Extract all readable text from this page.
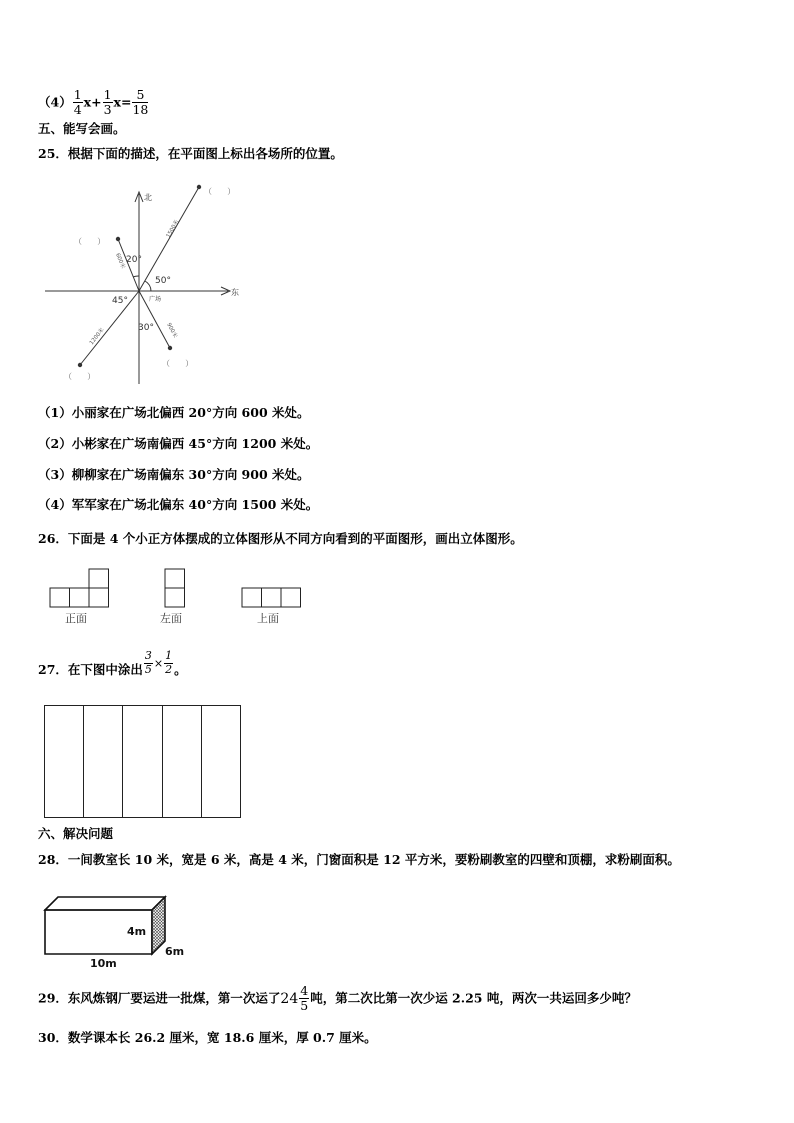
$(4) \frac{1}{4} x+ \frac{1}{3} x= \frac{5}{18}$
五、能写会画。
25．根据下面的描述，在平面图上标出各场所的位置。
北
东
广场
20°
50°
45°
30°
1500米
600米
1200米	900米
（      ）
（      ）
（      ）
（      ）
（1）小丽家在广场北偏西 20°方向 600 米处。
（2）小彬家在广场南偏西 45°方向 1200 米处。
（3）柳柳家在广场南偏东 30°方向 900 米处。
（4）军军家在广场北偏东 40°方向 1500 米处。
26．下面是 4 个小正方体摆成的立体图形从不同方向看到的平面图形，画出立体图形。
正面	左面	上面
27．在下图中涂出 $\frac{3}{5} \times \frac{1}{2}$ 。
六、解决问题
28．一间教室长 10 米，宽是 6 米，高是 4 米，门窗面积是 12 平方米，要粉刷教室的四壁和顶棚，求粉刷面积。
4m
6m
10m
29．东风炼钢厂要运进一批煤，第一次运了$24 \frac{4}{5}$ 吨，第二次比第一次少运 2.25 吨，两次一共运回多少吨？
30．数学课本长 26.2 厘米，宽 18.6 厘米，厚 0.7 厘米。
